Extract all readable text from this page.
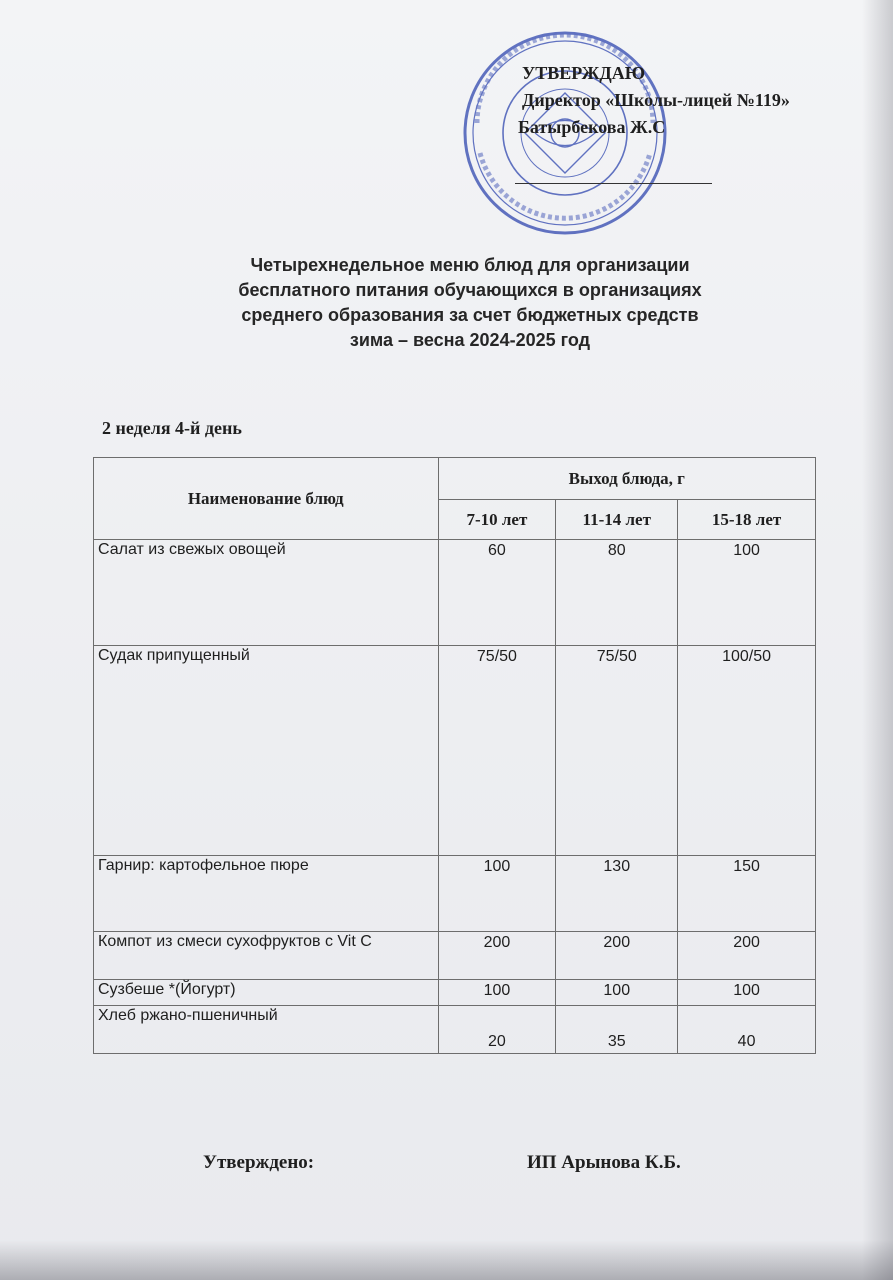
УТВЕРЖДАЮ
Директор «Школы-лицей №119»
Батырбекова Ж.С
Четырехнедельное меню блюд для организации
бесплатного питания обучающихся в организациях
среднего образования за счет бюджетных средств
зима – весна 2024-2025 год
2 неделя 4-й день
Наименование блюд	Выход блюда, г		
	7-10 лет	11-14 лет	15-18 лет
Салат из свежых овощей	60	80	100
Судак припущенный	75/50	75/50	100/50
Гарнир: картофельное пюре	100	130	150
Компот из смеси сухофруктов с Vit C	200	200	200
Сузбеше *(Йогурт)	100	100	100
Хлеб ржано-пшеничный	20	35	40
Утверждено:	ИП Арынова К.Б.
